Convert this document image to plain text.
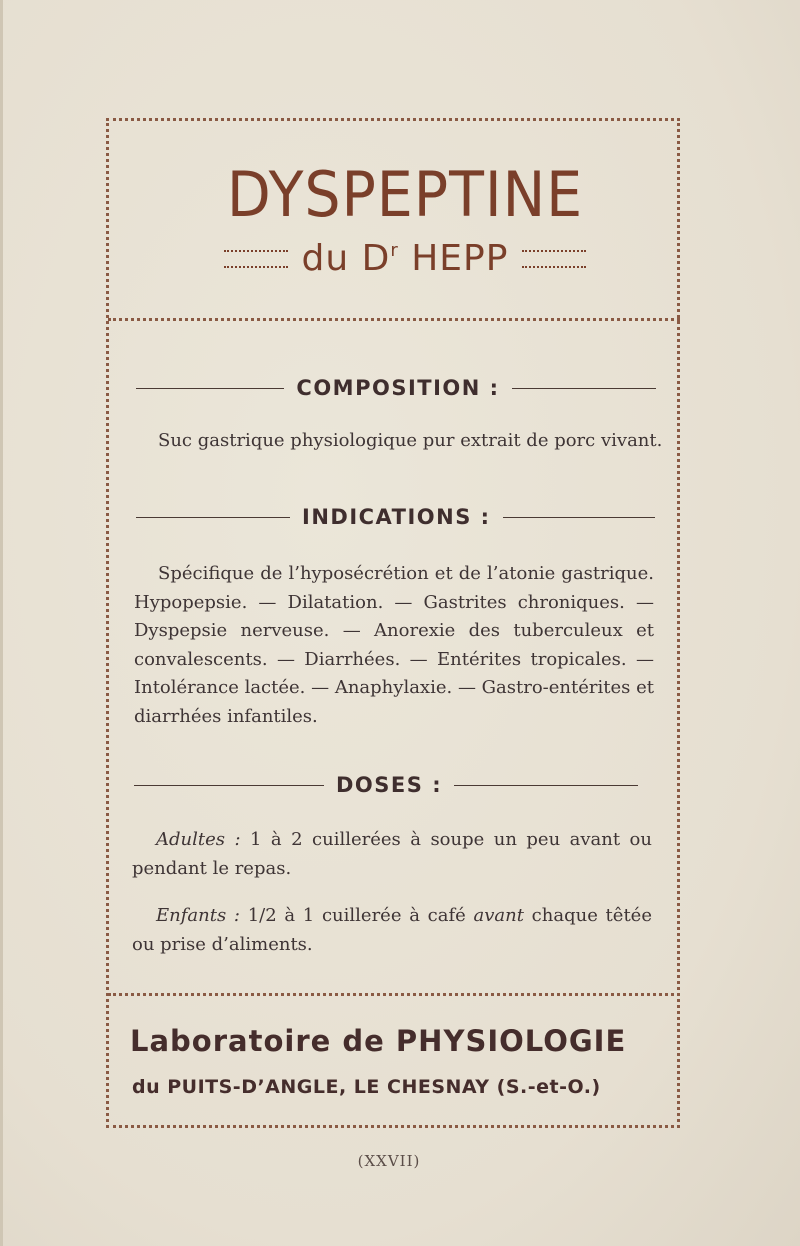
DYSPEPTINE
du $D^r$ HEPP
COMPOSITION :

Suc gastrique physiologique pur extrait de porc vivant.

INDICATIONS :

Spécifique de l’hyposécrétion et de l’atonie gastrique. Hypopepsie. — Dilatation. — Gastrites chroniques. — Dyspepsie nerveuse. — Anorexie des tuberculeux et convalescents. — Diarrhées. — Entérites tropicales. — Intolérance lactée. — Anaphylaxie. — Gastro-entérites et diarrhées infantiles.

DOSES :

Adultes : 1 à 2 cuillerées à soupe un peu avant ou pendant le repas.

Enfants : 1/2 à 1 cuillerée à café avant chaque têtée ou prise d’aliments.

Laboratoire de PHYSIOLOGIE

du PUITS-D’ANGLE, LE CHESNAY (S.-et-O.)

(XXVII)
